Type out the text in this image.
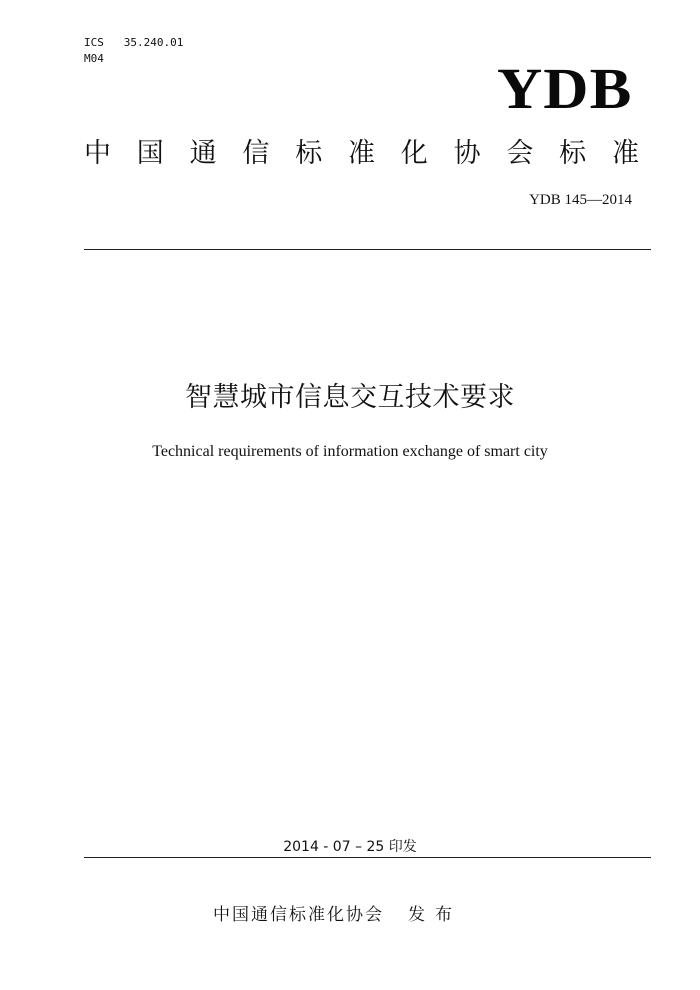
ICS   35.240.01
M04	YDB
中 国 通 信 标 准 化 协 会 标 准
YDB 145—2014
智慧城市信息交互技术要求
Technical requirements of information exchange of smart city
2014 - 07 – 25 印发
中国通信标准化协会 发布
